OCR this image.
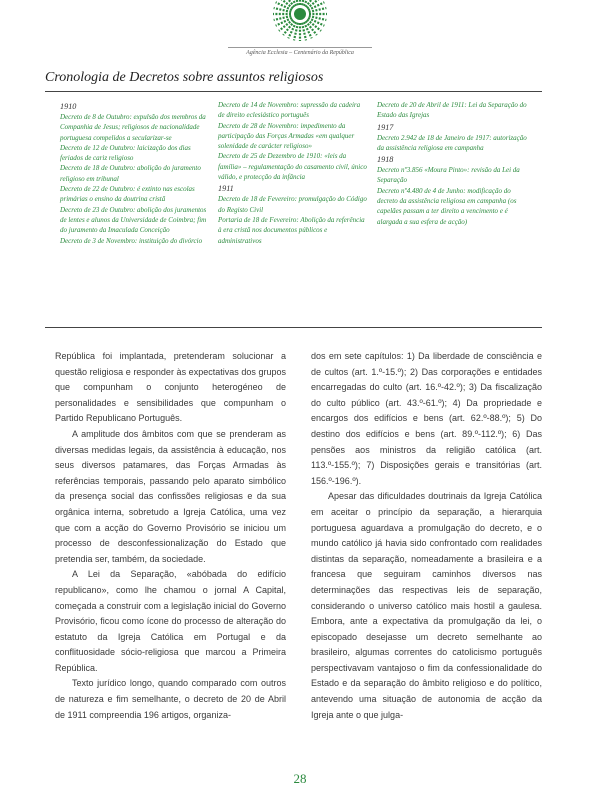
Agência Ecclesia – Centenário da República
Cronologia de Decretos sobre assuntos religiosos
1910
Decreto de 8 de Outubro: expulsão dos membros da Companhia de Jesus; religiosos de nacionalidade portuguesa compelidos a secularizar-se
Decreto de 12 de Outubro: laicização dos dias feriados de cariz religioso
Decreto de 18 de Outubro: abolição do juramento religioso em tribunal
Decreto de 22 de Outubro: é extinto nas escolas primárias o ensino da doutrina cristã
Decreto de 23 de Outubro: abolição dos juramentos de lentes e alunos da Universidade de Coimbra; fim do juramento da Imaculada Conceição
Decreto de 3 de Novembro: instituição do divórcio
Decreto de 14 de Novembro: supressão da cadeira de direito eclesiástico português
Decreto de 28 de Novembro: impedimento da participação das Forças Armadas «em qualquer solenidade de carácter religioso»
Decreto de 25 de Dezembro de 1910: «leis da família» – regulamentação do casamento civil, único válido, e protecção da infância
1911
Decreto de 18 de Fevereiro: promulgação do Código do Registo Civil
Portaria de 18 de Fevereiro: Abolição da referência à era cristã nos documentos públicos e administrativos
Decreto de 20 de Abril de 1911: Lei da Separação do Estado das Igrejas
1917
Decreto 2.942 de 18 de Janeiro de 1917: autorização da assistência religiosa em campanha
1918
Decreto nº3.856 «Moura Pinto»: revisão da Lei da Separação
Decreto nº4.480 de 4 de Junho: modificação do decreto da assistência religiosa em campanha (os capelães passam a ter direito a vencimento e é alargada a sua esfera de acção)

República foi implantada, pretenderam solucionar a questão religiosa e responder às expectativas dos grupos que compunham o conjunto heterogéneo de personalidades e sensibilidades que compunham o Partido Republicano Português.

A amplitude dos âmbitos com que se prenderam as diversas medidas legais, da assistência à educação, nos seus diversos patamares, das Forças Armadas às referências temporais, passando pelo aparato simbólico da presença social das confissões religiosas e da sua orgânica interna, sobretudo a Igreja Católica, uma vez que com a acção do Governo Provisório se iniciou um processo de desconfessionalização do Estado que pretendia ser, também, da sociedade.

A Lei da Separação, «abóbada do edifício republicano», como lhe chamou o jornal A Capital, começada a construir com a legislação inicial do Governo Provisório, ficou como ícone do processo de alteração do estatuto da Igreja Católica em Portugal e da conflituosidade sócio-religiosa que marcou a Primeira República.

Texto jurídico longo, quando comparado com outros de natureza e fim semelhante, o decreto de 20 de Abril de 1911 compreendia 196 artigos, organiza-

dos em sete capítulos: 1) Da liberdade de consciência e de cultos (art. 1.º-15.º); 2) Das corporações e entidades encarregadas do culto (art. 16.º-42.º); 3) Da fiscalização do culto público (art. 43.º-61.º); 4) Da propriedade e encargos dos edifícios e bens (art. 62.º-88.º); 5) Do destino dos edifícios e bens (art. 89.º-112.º); 6) Das pensões aos ministros da religião católica (art. 113.º-155.º); 7) Disposições gerais e transitórias (art. 156.º-196.º).

Apesar das dificuldades doutrinais da Igreja Católica em aceitar o princípio da separação, a hierarquia portuguesa aguardava a promulgação do decreto, e o mundo católico já havia sido confrontado com realidades distintas da separação, nomeadamente a brasileira e a francesa que seguiram caminhos diversos nas determinações das respectivas leis de separação, considerando o universo católico mais hostil a gaulesa. Embora, ante a expectativa da promulgação da lei, o episcopado desejasse um decreto semelhante ao brasileiro, algumas correntes do catolicismo português perspectivavam vantajoso o fim da confessionalidade do Estado e da separação do âmbito religioso e do político, antevendo uma situação de autonomia de acção da Igreja ante o que julga-

28
